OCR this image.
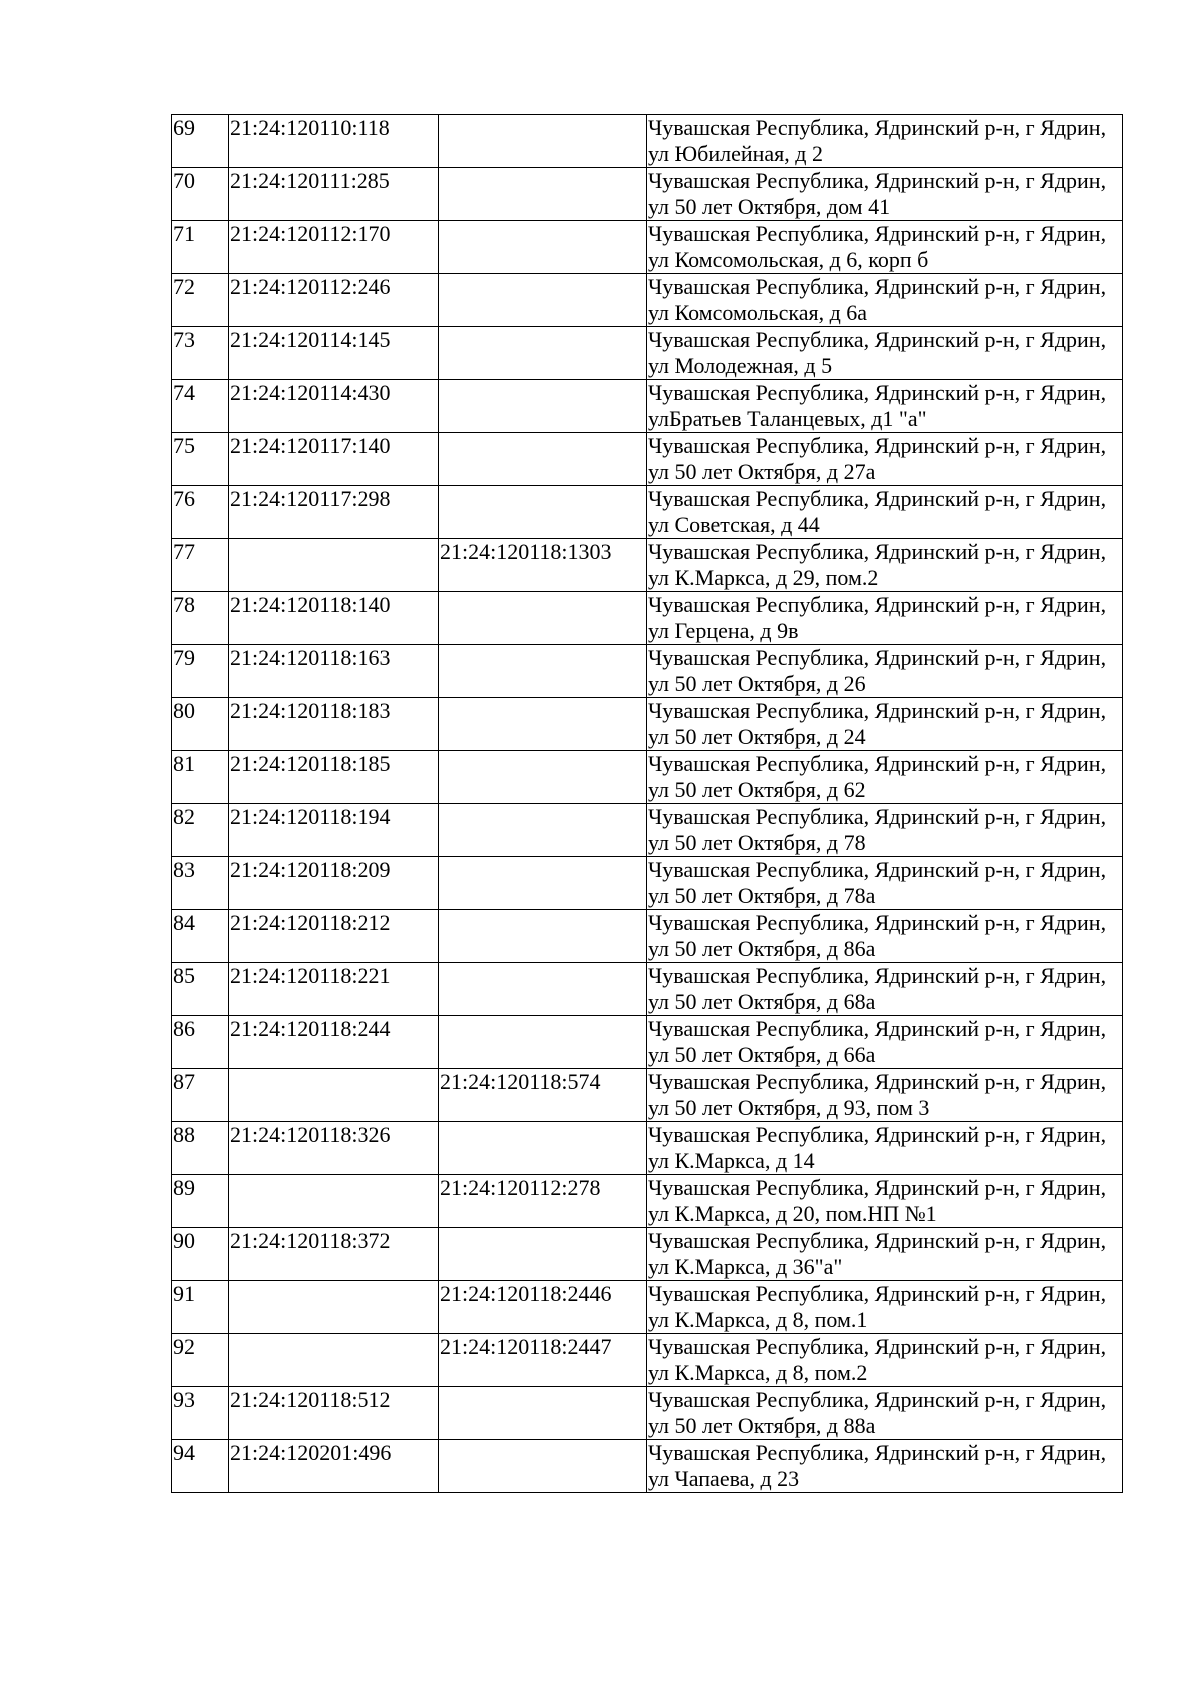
69	21:24:120110:118		Чувашская Республика, Ядринский р-н, г Ядрин, ул Юбилейная, д 2
70	21:24:120111:285		Чувашская Республика, Ядринский р-н, г Ядрин, ул 50 лет Октября, дом 41
71	21:24:120112:170		Чувашская Республика, Ядринский р-н, г Ядрин, ул Комсомольская, д 6, корп б
72	21:24:120112:246		Чувашская Республика, Ядринский р-н, г Ядрин, ул Комсомольская, д 6а
73	21:24:120114:145		Чувашская Республика, Ядринский р-н, г Ядрин, ул Молодежная, д 5
74	21:24:120114:430		Чувашская Республика, Ядринский р-н, г Ядрин, улБратьев Таланцевых, д1 "а"
75	21:24:120117:140		Чувашская Республика, Ядринский р-н, г Ядрин, ул 50 лет Октября, д 27а
76	21:24:120117:298		Чувашская Республика, Ядринский р-н, г Ядрин, ул Советская, д 44
77		21:24:120118:1303	Чувашская Республика, Ядринский р-н, г Ядрин, ул К.Маркса, д 29, пом.2
78	21:24:120118:140		Чувашская Республика, Ядринский р-н, г Ядрин, ул Герцена, д 9в
79	21:24:120118:163		Чувашская Республика, Ядринский р-н, г Ядрин, ул 50 лет Октября, д 26
80	21:24:120118:183		Чувашская Республика, Ядринский р-н, г Ядрин, ул 50 лет Октября, д 24
81	21:24:120118:185		Чувашская Республика, Ядринский р-н, г Ядрин, ул 50 лет Октября, д 62
82	21:24:120118:194		Чувашская Республика, Ядринский р-н, г Ядрин, ул 50 лет Октября, д 78
83	21:24:120118:209		Чувашская Республика, Ядринский р-н, г Ядрин, ул 50 лет Октября, д 78а
84	21:24:120118:212		Чувашская Республика, Ядринский р-н, г Ядрин, ул 50 лет Октября, д 86а
85	21:24:120118:221		Чувашская Республика, Ядринский р-н, г Ядрин, ул 50 лет Октября, д 68а
86	21:24:120118:244		Чувашская Республика, Ядринский р-н, г Ядрин, ул 50 лет Октября, д 66а
87		21:24:120118:574	Чувашская Республика, Ядринский р-н, г Ядрин, ул 50 лет Октября, д 93, пом 3
88	21:24:120118:326		Чувашская Республика, Ядринский р-н, г Ядрин, ул К.Маркса, д 14
89		21:24:120112:278	Чувашская Республика, Ядринский р-н, г Ядрин, ул К.Маркса, д 20, пом.НП №1
90	21:24:120118:372		Чувашская Республика, Ядринский р-н, г Ядрин, ул К.Маркса, д 36"а"
91		21:24:120118:2446	Чувашская Республика, Ядринский р-н, г Ядрин, ул К.Маркса, д 8, пом.1
92		21:24:120118:2447	Чувашская Республика, Ядринский р-н, г Ядрин, ул К.Маркса, д 8, пом.2
93	21:24:120118:512		Чувашская Республика, Ядринский р-н, г Ядрин, ул 50 лет Октября, д 88а
94	21:24:120201:496		Чувашская Республика, Ядринский р-н, г Ядрин, ул Чапаева, д 23
